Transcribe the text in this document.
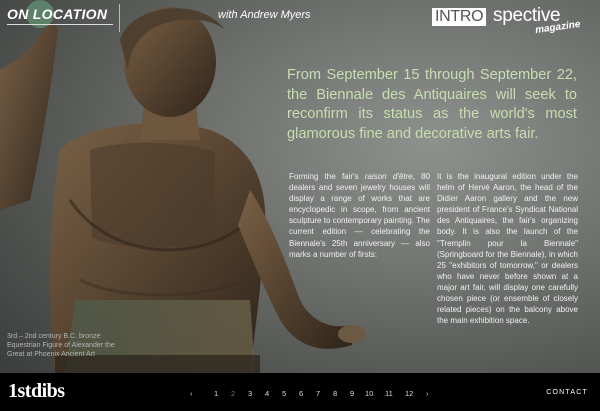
ON LOCATION	with Andrew Myers	INTRO spective
magazine
From September 15 through September 22, the Biennale des Antiquaires will seek to reconfirm its status as the world's most glamorous fine and decorative arts fair.
Forming the fair's raison d'être, 80 dealers and seven jewelry houses will display a range of works that are encyclopedic in scope, from ancient sculpture to contemporary painting. The current edition — celebrating the Biennale's 25th anniversary — also marks a number of firsts:
It is the inaugural edition under the helm of Hervé Aaron, the head of the Didier Aaron gallery and the new president of France's Syndicat National des Antiquaires, the fair's organizing body. It is also the launch of the "Tremplin pour la Biennale" (Springboard for the Biennale), in which 25 "exhibitors of tomorrow," or dealers who have never before shown at a major art fair, will display one carefully chosen piece (or ensemble of closely related pieces) on the balcony above the main exhibition space.
3rd – 2nd century B.C. bronze Equestrian Figure of Alexander the Great at Phoenix Ancient Art
1stdibs	‹	1 2 3 4 5 6 7 8 9 10 11 12 ›	CONTACT
